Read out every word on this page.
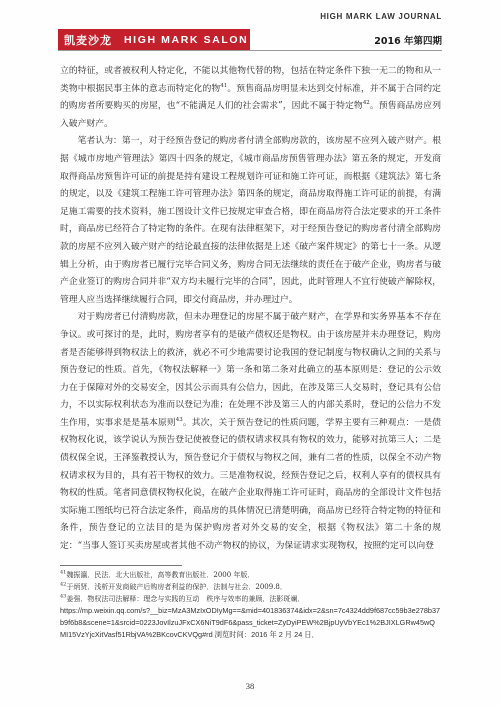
凯麦沙龙 HIGH MARK SALON
HIGH MARK LAW JOURNAL
2016 年第四期

立的特征，或者被权利人特定化，不能以其他物代替的物，包括在特定条件下独一无二的物和从一类物中根据民事主体的意志而特定化的物$^{41}$。预售商品房明显未达到交付标准，并不属于合同约定的购房者所要购买的房屋，也“不能满足人们的社会需求”，因此不属于特定物$^{42}$。预售商品房应列入破产财产。

笔者认为：第一，对于经预告登记的购房者付清全部购房款的，该房屋不应列入破产财产。根据《城市房地产管理法》第四十四条的规定，《城市商品房预售管理办法》第五条的规定，开发商取得商品房预售许可证的前提是持有建设工程规划许可证和施工许可证，而根据《建筑法》第七条的规定，以及《建筑工程施工许可管理办法》第四条的规定，商品房取得施工许可证的前提，有满足施工需要的技术资料，施工图设计文件已按规定审查合格，即在商品房符合法定要求的开工条件时，商品房已经符合了特定物的条件。在现有法律框架下，对于经预告登记的购房者付清全部购房款的房屋不应列入破产财产的结论最直接的法律依据是上述《破产案件规定》的第七十一条。从逻辑上分析，由于购房者已履行完毕合同义务，购房合同无法继续的责任在于破产企业，购房者与破产企业签订的购房合同并非“双方均未履行完毕的合同”，因此，此时管理人不宜行使破产解除权，管理人应当选择继续履行合同，即交付商品房，并办理过户。

对于购房者已付清购房款，但未办理登记的房屋不属于破产财产，在学界和实务界基本不存在争议。或可探讨的是，此时，购房者享有的是破产债权还是物权。由于该房屋并未办理登记，购房者是否能够得到物权法上的救济，就必不可少地需要讨论我国的登记制度与物权确认之间的关系与预告登记的性质。首先，《物权法解释一》第一条和第二条对此确立的基本原则是：登记的公示效力在于保障对外的交易安全，因其公示而具有公信力，因此，在涉及第三人交易时，登记具有公信力，不以实际权利状态为准而以登记为准；在处理不涉及第三人的内部关系时，登记的公信力不发生作用，实事求是是基本原则$^{43}$。其次，关于预告登记的性质问题，学界主要有三种观点：一是债权物权化说，该学说认为预告登记使被登记的债权请求权具有物权的效力，能够对抗第三人；二是债权保全说，王泽鉴教授认为，预告登记介于债权与物权之间，兼有二者的性质，以保全不动产物权请求权为目的，具有若干物权的效力。三是准物权说，经预告登记之后，权利人享有的债权具有物权的性质。笔者同意债权物权化说，在破产企业取得施工许可证时，商品房的全部设计文件包括实际施工图纸均已符合法定条件，商品房的具体情况已清楚明确，商品房已经符合特定物的特征和条件，预告登记的立法目的是为保护购房者对外交易的安全，根据《物权法》第二十条的规定：“当事人签订买卖房屋或者其他不动产物权的协议，为保证请求实现物权，按照约定可以向登

$^{41}$魏振瀛．民法．北大出版社，高等教育出版社．2000 年版．
$^{42}$于炳贤．浅析开发商破产后购房者利益的保护．法制与社会．2009.8．
$^{43}$姜强．物权法司法解释：理念与实践的互动　秩序与效率的兼顾．法影斑斓．
https://mp.weixin.qq.com/s?__biz=MzA3MzIxODIyMg==&mid=401836374&idx=2&sn=7c4324dd9f687cc59b3e278b37b9f6b8&scene=1&srcid=0223JovIlzuJFxCX6NiT9dF6&pass_ticket=ZyDyiPEW%2BjpUyVbYEc1%2BJIXLGRw45wQMI15VzYjcXitVasf51RbjVA%2BKcovCKVQg#rd 浏览时间：2016 年 2 月 24 日．
38
